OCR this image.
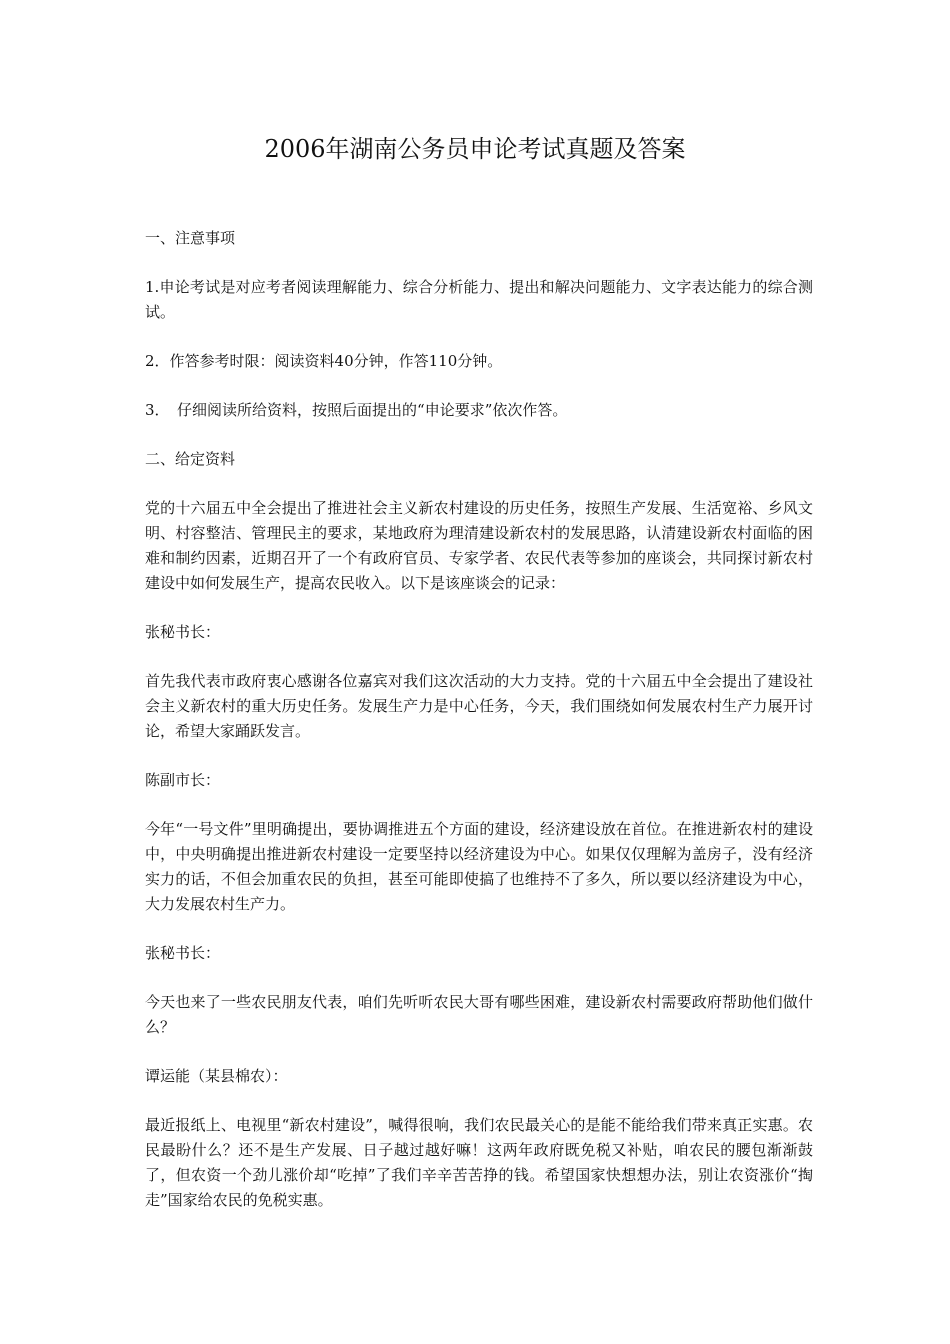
2006年湖南公务员申论考试真题及答案

一、注意事项

1.申论考试是对应考者阅读理解能力、综合分析能力、提出和解决问题能力、文字表达能力的综合测试。

2．作答参考时限：阅读资料40分钟，作答110分钟。

3．　仔细阅读所给资料，按照后面提出的“申论要求”依次作答。

二、给定资料

党的十六届五中全会提出了推进社会主义新农村建设的历史任务，按照生产发展、生活宽裕、乡风文明、村容整洁、管理民主的要求，某地政府为理清建设新农村的发展思路，认清建设新农村面临的困难和制约因素，近期召开了一个有政府官员、专家学者、农民代表等参加的座谈会，共同探讨新农村建设中如何发展生产，提高农民收入。以下是该座谈会的记录：

张秘书长：

首先我代表市政府衷心感谢各位嘉宾对我们这次活动的大力支持。党的十六届五中全会提出了建设社会主义新农村的重大历史任务。发展生产力是中心任务，今天，我们围绕如何发展农村生产力展开讨论，希望大家踊跃发言。

陈副市长：

今年“一号文件”里明确提出，要协调推进五个方面的建设，经济建设放在首位。在推进新农村的建设中，中央明确提出推进新农村建设一定要坚持以经济建设为中心。如果仅仅理解为盖房子，没有经济实力的话，不但会加重农民的负担，甚至可能即使搞了也维持不了多久，所以要以经济建设为中心，大力发展农村生产力。

张秘书长：

今天也来了一些农民朋友代表，咱们先听听农民大哥有哪些困难，建设新农村需要政府帮助他们做什么？

谭运能（某县棉农）：

最近报纸上、电视里“新农村建设”，喊得很响，我们农民最关心的是能不能给我们带来真正实惠。农民最盼什么？还不是生产发展、日子越过越好嘛！这两年政府既免税又补贴，咱农民的腰包渐渐鼓了，但农资一个劲儿涨价却“吃掉”了我们辛辛苦苦挣的钱。希望国家快想想办法，别让农资涨价“掏走”国家给农民的免税实惠。
